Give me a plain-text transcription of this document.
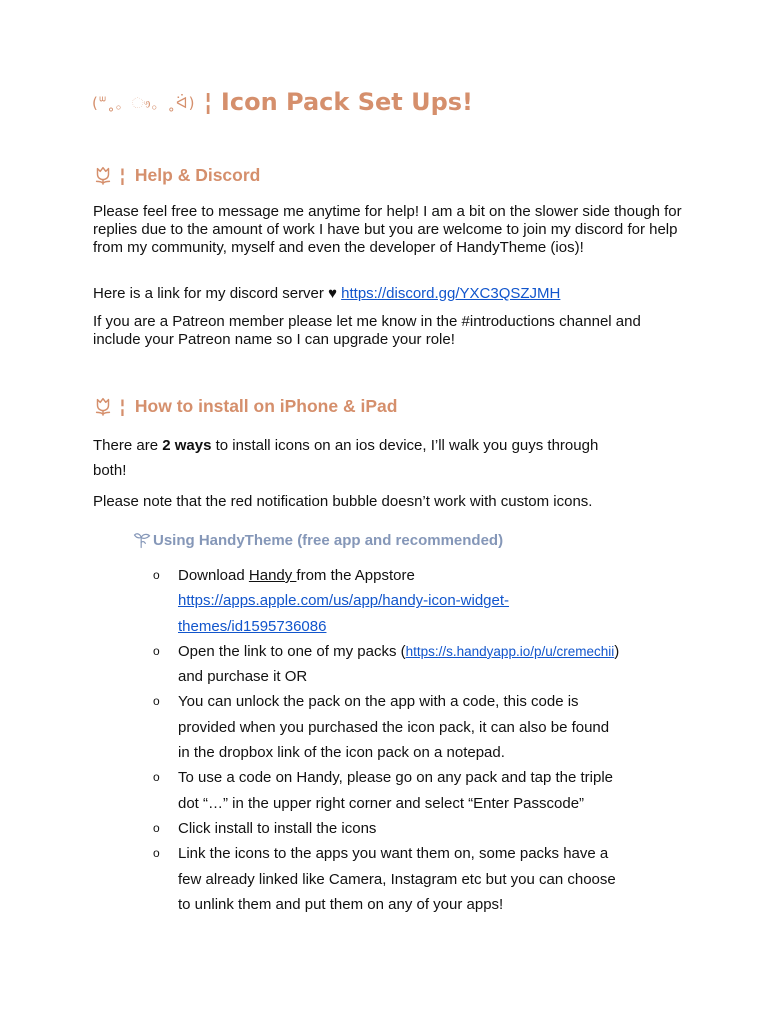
(ᐜ˳。ෟ。˳ᐛ) ¦ Icon Pack Set Ups!
¦ Help & Discord

Please feel free to message me anytime for help! I am a bit on the slower side though for replies due to the amount of work I have but you are welcome to join my discord for help from my community, myself and even the developer of HandyTheme (ios)!

Here is a link for my discord server ♥ https://discord.gg/YXC3QSZJMH

If you are a Patreon member please let me know in the #introductions channel and include your Patreon name so I can upgrade your role!

¦ How to install on iPhone & iPad

There are 2 ways to install icons on an ios device, I’ll walk you guys through
both!

Please note that the red notification bubble doesn’t work with custom icons.

Using HandyTheme (free app and recommended)
o Download Handy from the Appstore
https://apps.apple.com/us/app/handy-icon-widget-
themes/id1595736086
o Open the link to one of my packs (https://s.handyapp.io/p/u/cremechii)
and purchase it OR
o You can unlock the pack on the app with a code, this code is provided when you purchased the icon pack, it can also be found in the dropbox link of the icon pack on a notepad.
o To use a code on Handy, please go on any pack and tap the triple dot “…” in the upper right corner and select “Enter Passcode”
o Click install to install the icons
o Link the icons to the apps you want them on, some packs have a few already linked like Camera, Instagram etc but you can choose to unlink them and put them on any of your apps!
